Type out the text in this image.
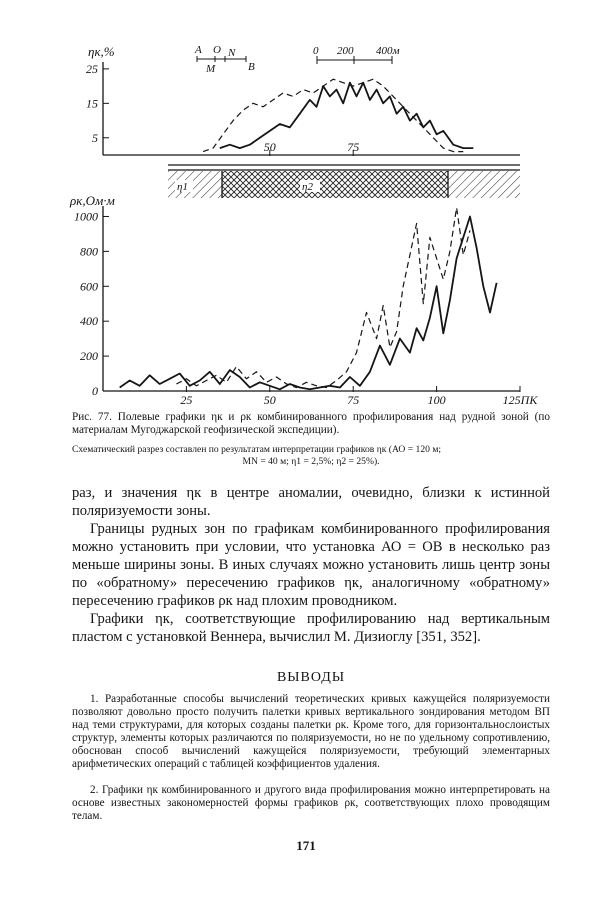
ηк,%
5
15
25
50	75
A O N
M	B
0 200 400м
η1	η2
ρк,Ом·м
0
200
400
600
800
1000
25	50	75	100	125ПК
Рис. 77. Полевые графики ηк и ρк комбинированного профилирования над рудной зоной (по материалам Мугоджарской геофизической экспедиции).
Схематический разрез составлен по результатам интерпретации графиков ηк (АО = 120 м;
MN = 40 м; η1 = 2,5%; η2 = 25%).
раз, и значения ηк в центре аномалии, очевидно, близки к истинной поляризуемости зоны.
Границы рудных зон по графикам комбинированного профилирования можно установить при условии, что установка АО = ОВ в несколько раз меньше ширины зоны. В иных случаях можно установить лишь центр зоны по «обратному» пересечению графиков ηк, аналогичному «обратному» пересечению графиков ρк над плохим проводником.
Графики ηк, соответствующие профилированию над вертикальным пластом с установкой Веннера, вычислил М. Дизиоглу [351, 352].
ВЫВОДЫ
1. Разработанные способы вычислений теоретических кривых кажущейся поляризуемости позволяют довольно просто получить палетки кривых вертикального зондирования методом ВП над теми структурами, для которых созданы палетки ρк. Кроме того, для горизонтальнослоистых структур, элементы которых различаются по поляризуемости, но не по удельному сопротивлению, обоснован способ вычислений кажущейся поляризуемости, требующий элементарных арифметических операций с таблицей коэффициентов удаления.
2. Графики ηк комбинированного и другого вида профилирования можно интерпретировать на основе известных закономерностей формы графиков ρк, соответствующих плохо проводящим телам.
171
